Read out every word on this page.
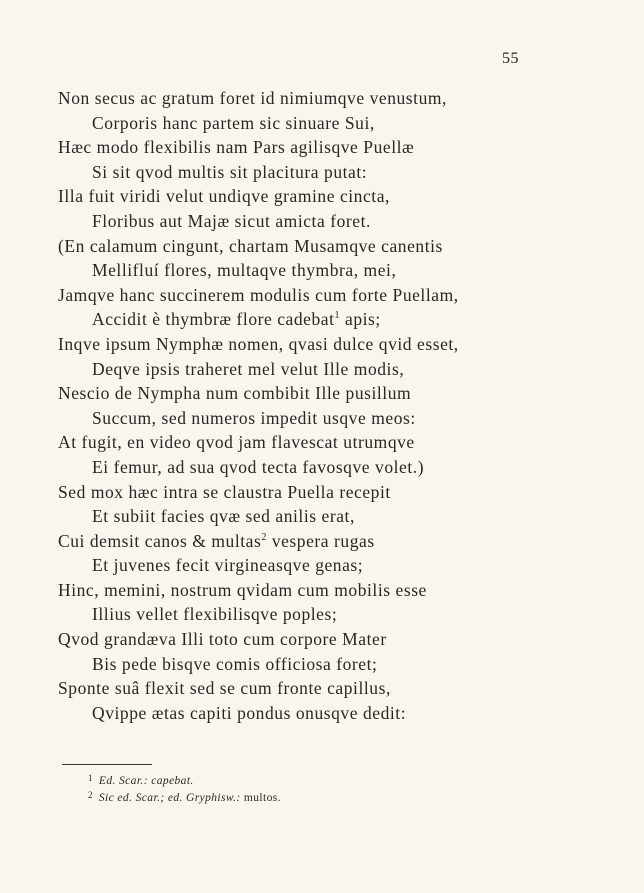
55
Non secus ac gratum foret id nimiumqve venustum,
Corporis hanc partem sic sinuare Sui,
Hæc modo flexibilis nam Pars agilisqve Puellæ
Si sit qvod multis sit placitura putat:
Illa fuit viridi velut undiqve gramine cincta,
Floribus aut Majæ sicut amicta foret.
(En calamum cingunt, chartam Musamqve canentis
Mellifluí flores, multaqve thymbra, mei,
Jamqve hanc succinerem modulis cum forte Puellam,
Accidit è thymbræ flore cadebat$^1$ apis;
Inqve ipsum Nymphæ nomen, qvasi dulce qvid esset,
Deqve ipsis traheret mel velut Ille modis,
Nescio de Nympha num combibit Ille pusillum
Succum, sed numeros impedit usqve meos:
At fugit, en video qvod jam flavescat utrumqve
Ei femur, ad sua qvod tecta favosqve volet.)
Sed mox hæc intra se claustra Puella recepit
Et subiit facies qvæ sed anilis erat,
Cui demsit canos & multas$^2$ vespera rugas
Et juvenes fecit virgineasqve genas;
Hinc, memini, nostrum qvidam cum mobilis esse
Illius vellet flexibilisqve poples;
Qvod grandæva Illi toto cum corpore Mater
Bis pede bisqve comis officiosa foret;
Sponte suâ flexit sed se cum fronte capillus,
Qvippe ætas capiti pondus onusqve dedit:
$^1$ Ed. Scar.: capebat.
$^2$ Sic ed. Scar.; ed. Gryphisw.: multos.
